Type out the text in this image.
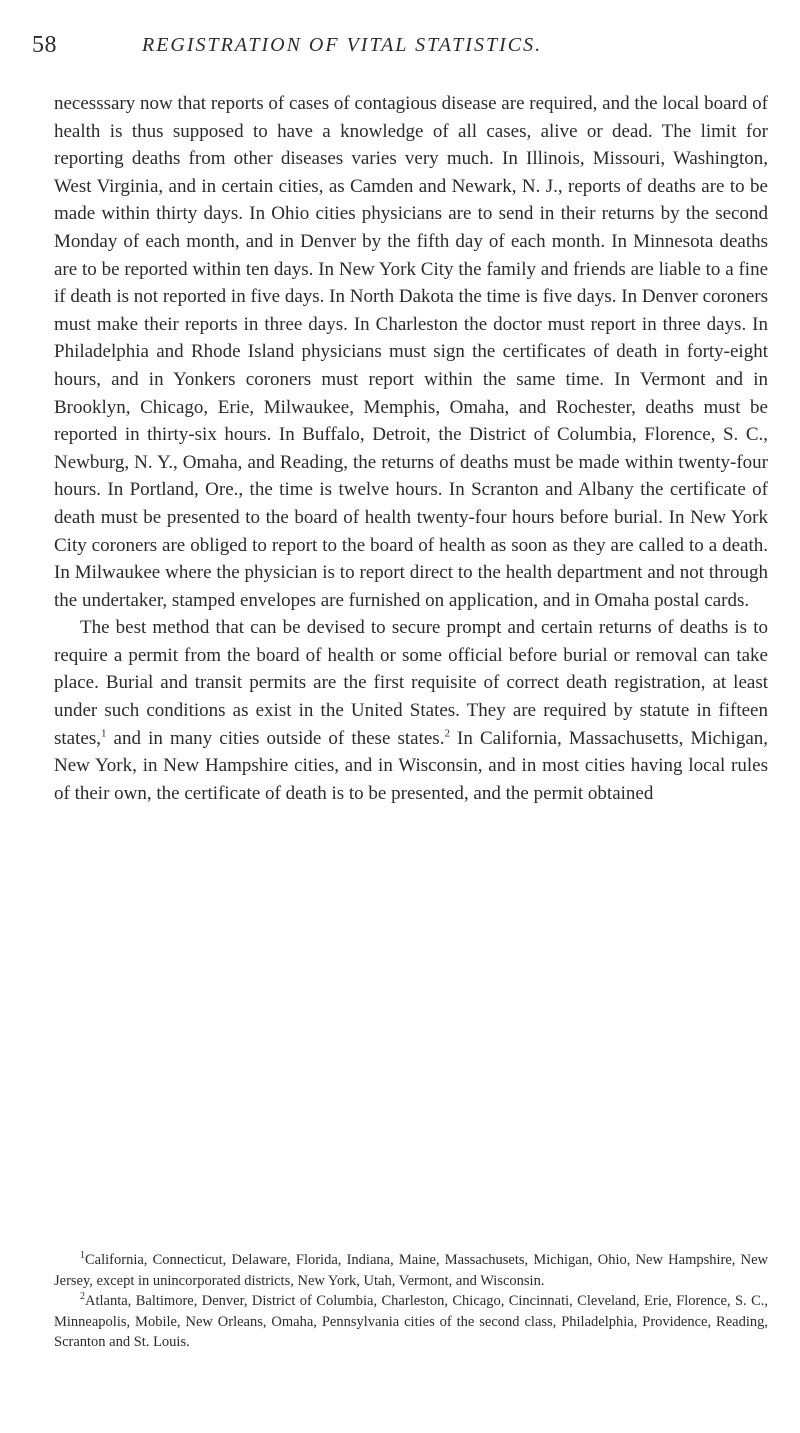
58	REGISTRATION OF VITAL STATISTICS.

necesssary now that reports of cases of contagious disease are required, and the local board of health is thus supposed to have a knowledge of all cases, alive or dead. The limit for reporting deaths from other diseases varies very much. In Illinois, Missouri, Washington, West Virginia, and in certain cities, as Camden and Newark, N. J., reports of deaths are to be made within thirty days. In Ohio cities physicians are to send in their returns by the second Monday of each month, and in Denver by the fifth day of each month. In Minnesota deaths are to be reported within ten days. In New York City the family and friends are liable to a fine if death is not reported in five days. In North Dakota the time is five days. In Denver coroners must make their reports in three days. In Charleston the doctor must report in three days. In Philadelphia and Rhode Island physicians must sign the certificates of death in forty-eight hours, and in Yonkers coroners must report within the same time. In Vermont and in Brooklyn, Chicago, Erie, Milwaukee, Memphis, Omaha, and Rochester, deaths must be reported in thirty-six hours. In Buffalo, Detroit, the District of Columbia, Florence, S. C., Newburg, N. Y., Omaha, and Reading, the returns of deaths must be made within twenty-four hours. In Portland, Ore., the time is twelve hours. In Scranton and Albany the certificate of death must be presented to the board of health twenty-four hours before burial. In New York City coroners are obliged to report to the board of health as soon as they are called to a death. In Milwaukee where the physician is to report direct to the health department and not through the undertaker, stamped envelopes are furnished on application, and in Omaha postal cards.

The best method that can be devised to secure prompt and certain returns of deaths is to require a permit from the board of health or some official before burial or removal can take place. Burial and transit permits are the first requisite of correct death registration, at least under such conditions as exist in the United States. They are required by statute in fifteen states,$^1$ and in many cities outside of these states.$^2$ In California, Massachusetts, Michigan, New York, in New Hampshire cities, and in Wisconsin, and in most cities having local rules of their own, the certificate of death is to be presented, and the permit obtained

$^1$California, Connecticut, Delaware, Florida, Indiana, Maine, Massachusets, Michigan, Ohio, New Hampshire, New Jersey, except in unincorporated districts, New York, Utah, Vermont, and Wisconsin.

$^2$Atlanta, Baltimore, Denver, District of Columbia, Charleston, Chicago, Cincinnati, Cleveland, Erie, Florence, S. C., Minneapolis, Mobile, New Orleans, Omaha, Pennsylvania cities of the second class, Philadelphia, Providence, Reading, Scranton and St. Louis.
